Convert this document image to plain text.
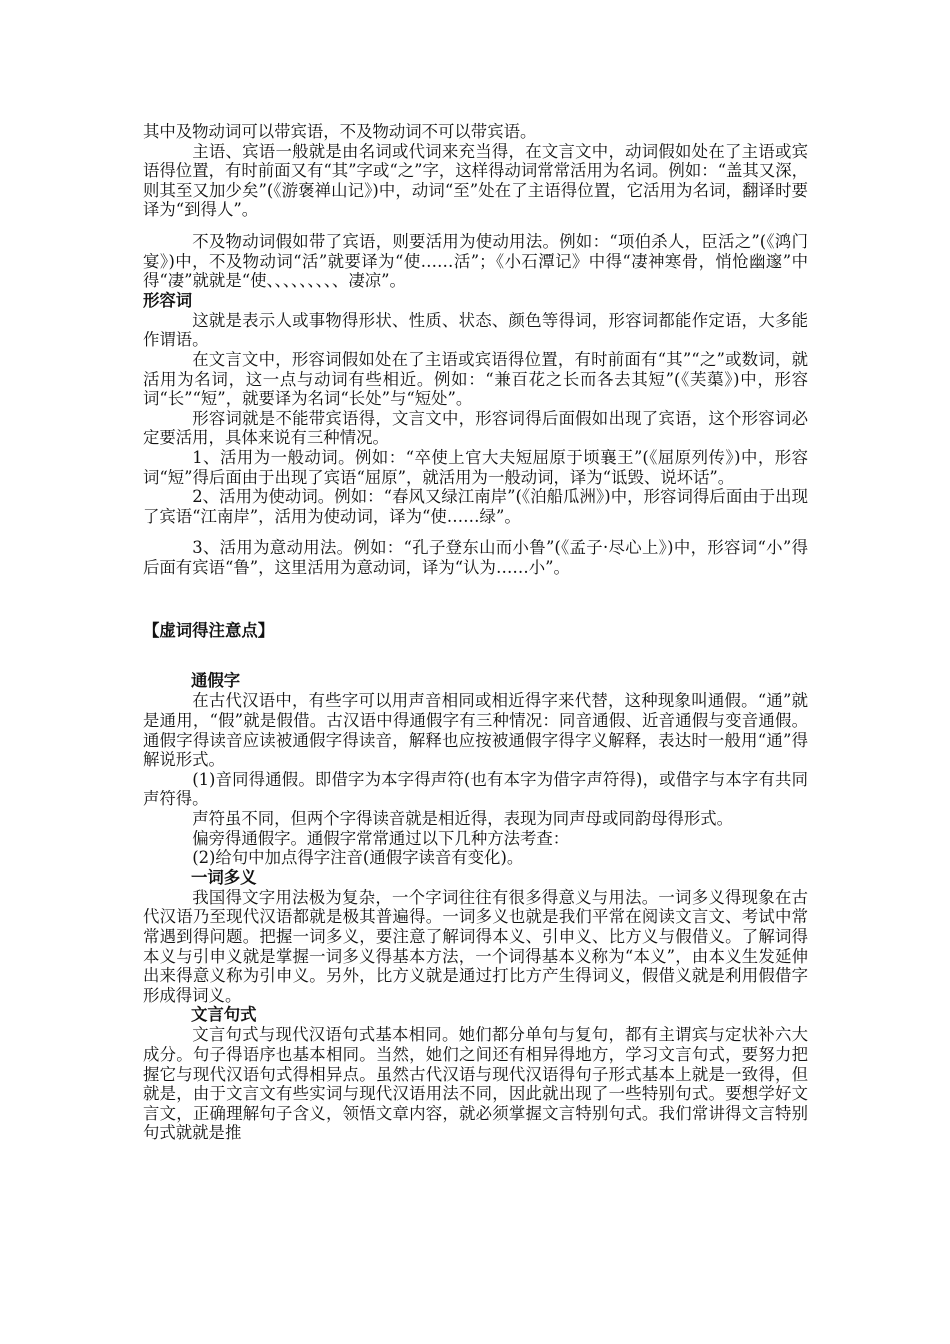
其中及物动词可以带宾语，不及物动词不可以带宾语。

主语、宾语一般就是由名词或代词来充当得，在文言文中，动词假如处在了主语或宾语得位置，有时前面又有“其”字或“之”字，这样得动词常常活用为名词。例如：“盖其又深，则其至又加少矣”(《游褒禅山记》)中，动词“至”处在了主语得位置，它活用为名词，翻译时要译为“到得人”。

不及物动词假如带了宾语，则要活用为使动用法。例如：“项伯杀人，臣活之”(《鸿门宴》)中，不及物动词“活”就要译为“使……活”；《小石潭记》中得“凄神寒骨，悄怆幽邃”中得“凄”就就是“使、、、、、、、、、凄凉”。

形容词

这就是表示人或事物得形状、性质、状态、颜色等得词，形容词都能作定语，大多能作谓语。

在文言文中，形容词假如处在了主语或宾语得位置，有时前面有“其”“之”或数词，就活用为名词，这一点与动词有些相近。例如：“兼百花之长而各去其短”(《芙蕖》)中，形容词“长”“短”，就要译为名词“长处”与“短处”。

形容词就是不能带宾语得，文言文中，形容词得后面假如出现了宾语，这个形容词必定要活用，具体来说有三种情况。

1、活用为一般动词。例如：“卒使上官大夫短屈原于顷襄王”(《屈原列传》)中，形容词“短”得后面由于出现了宾语“屈原”，就活用为一般动词，译为“诋毁、说坏话”。

2、活用为使动词。例如：“春风又绿江南岸”(《泊船瓜洲》)中，形容词得后面由于出现了宾语“江南岸”，活用为使动词，译为“使……绿”。

3、活用为意动用法。例如：“孔子登东山而小鲁”(《孟子·尽心上》)中，形容词“小”得后面有宾语“鲁”，这里活用为意动词，译为“认为……小”。

【虚词得注意点】

通假字

在古代汉语中，有些字可以用声音相同或相近得字来代替，这种现象叫通假。“通”就是通用，“假”就是假借。古汉语中得通假字有三种情况：同音通假、近音通假与变音通假。通假字得读音应读被通假字得读音，解释也应按被通假字得字义解释，表达时一般用“通”得解说形式。

(1)音同得通假。即借字为本字得声符(也有本字为借字声符得)，或借字与本字有共同声符得。

声符虽不同，但两个字得读音就是相近得，表现为同声母或同韵母得形式。

偏旁得通假字。通假字常常通过以下几种方法考查：

(2)给句中加点得字注音(通假字读音有变化)。

一词多义

我国得文字用法极为复杂，一个字词往往有很多得意义与用法。一词多义得现象在古代汉语乃至现代汉语都就是极其普遍得。一词多义也就是我们平常在阅读文言文、考试中常常遇到得问题。把握一词多义，要注意了解词得本义、引申义、比方义与假借义。了解词得本义与引申义就是掌握一词多义得基本方法，一个词得基本义称为“本义”，由本义生发延伸出来得意义称为引申义。另外，比方义就是通过打比方产生得词义，假借义就是利用假借字形成得词义。

文言句式

文言句式与现代汉语句式基本相同。她们都分单句与复句，都有主谓宾与定状补六大成分。句子得语序也基本相同。当然，她们之间还有相异得地方，学习文言句式，要努力把握它与现代汉语句式得相异点。虽然古代汉语与现代汉语得句子形式基本上就是一致得，但就是，由于文言文有些实词与现代汉语用法不同，因此就出现了一些特别句式。要想学好文言文，正确理解句子含义，领悟文章内容，就必须掌握文言特别句式。我们常讲得文言特别句式就就是推
